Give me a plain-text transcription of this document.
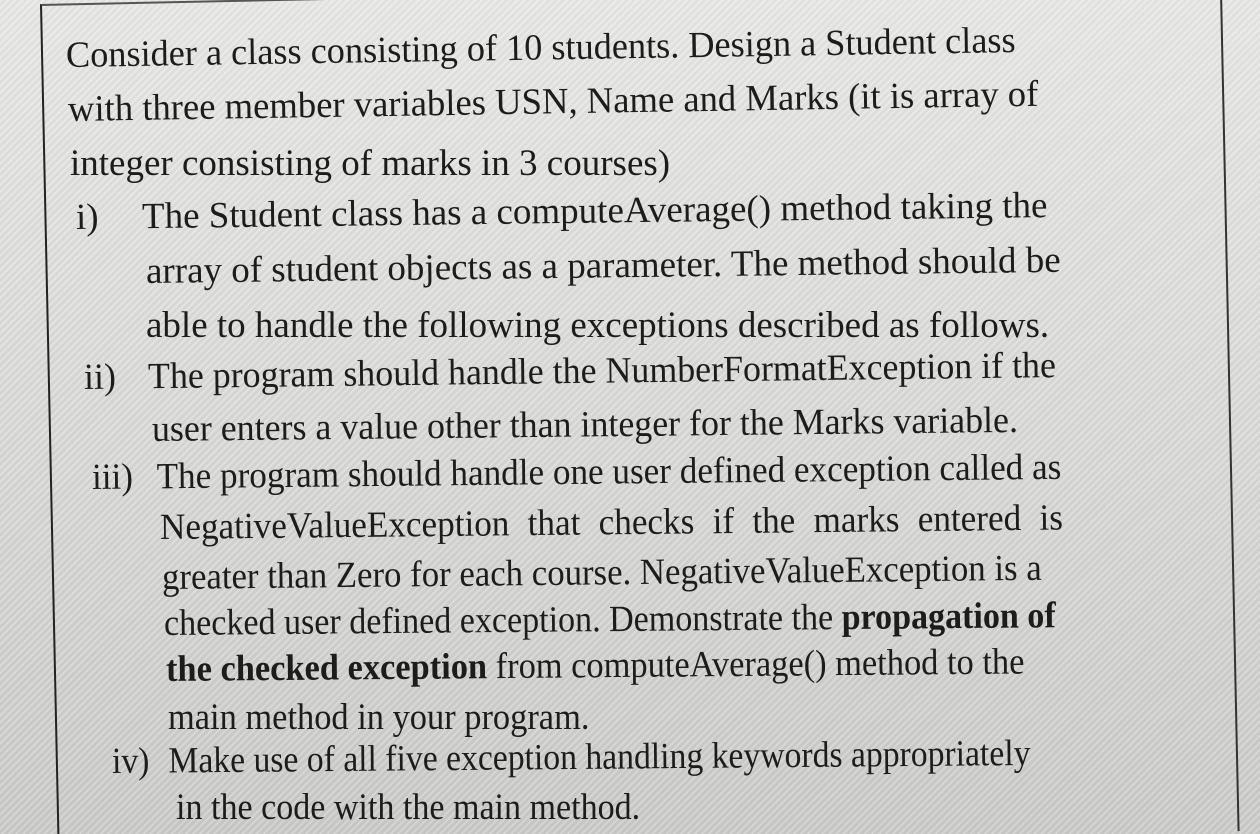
Consider a class consisting of 10 students. Design a Student class
with three member variables USN, Name and Marks (it is array of
integer consisting of marks in 3 courses)
i) The Student class has a computeAverage() method taking the
array of student objects as a parameter. The method should be
able to handle the following exceptions described as follows.
ii) The program should handle the NumberFormatException if the
user enters a value other than integer for the Marks variable.
iii) The program should handle one user defined exception called as
NegativeValueException that checks if the marks entered is
greater than Zero for each course. NegativeValueException is a
checked user defined exception. Demonstrate the propagation of
the checked exception from computeAverage() method to the
main method in your program.
iv) Make use of all five exception handling keywords appropriately
in the code with the main method.
